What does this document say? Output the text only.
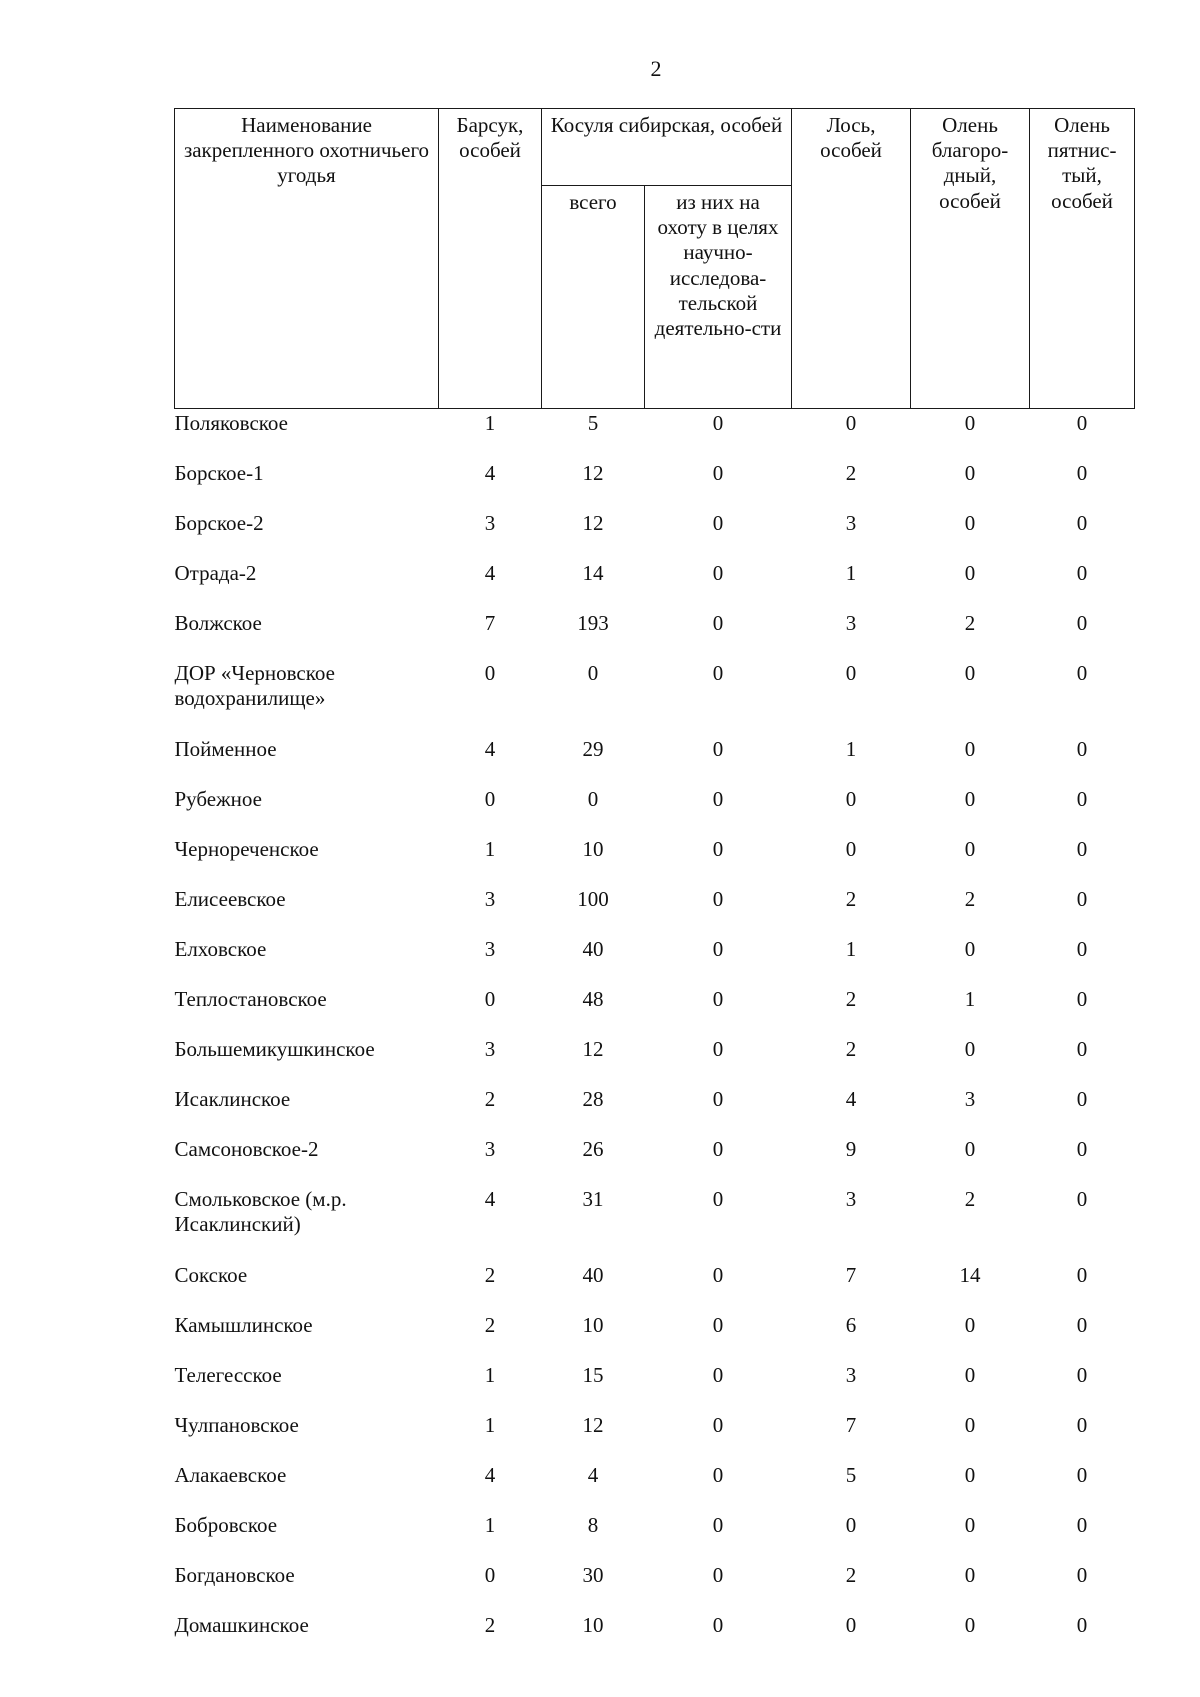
2
Наименование закрепленного охотничьего угодья	Барсук, особей	Косуля сибирская, особей		Лось, особей	Олень благоро-дный, особей	Олень пятнис-тый, особей
		всего	из них на охоту в целях научно-исследова-тельской деятельно-сти			
Поляковское	1	5	0	0	0	0
Борское-1	4	12	0	2	0	0
Борское-2	3	12	0	3	0	0
Отрада-2	4	14	0	1	0	0
Волжское	7	193	0	3	2	0
ДОР «Черновское водохранилище»	0	0	0	0	0	0
Пойменное	4	29	0	1	0	0
Рубежное	0	0	0	0	0	0
Чернореченское	1	10	0	0	0	0
Елисеевское	3	100	0	2	2	0
Елховское	3	40	0	1	0	0
Теплостановское	0	48	0	2	1	0
Большемикушкинское	3	12	0	2	0	0
Исаклинское	2	28	0	4	3	0
Самсоновское-2	3	26	0	9	0	0
Смольковское (м.р. Исаклинский)	4	31	0	3	2	0
Сокское	2	40	0	7	14	0
Камышлинское	2	10	0	6	0	0
Телегесское	1	15	0	3	0	0
Чулпановское	1	12	0	7	0	0
Алакаевское	4	4	0	5	0	0
Бобровское	1	8	0	0	0	0
Богдановское	0	30	0	2	0	0
Домашкинское	2	10	0	0	0	0
